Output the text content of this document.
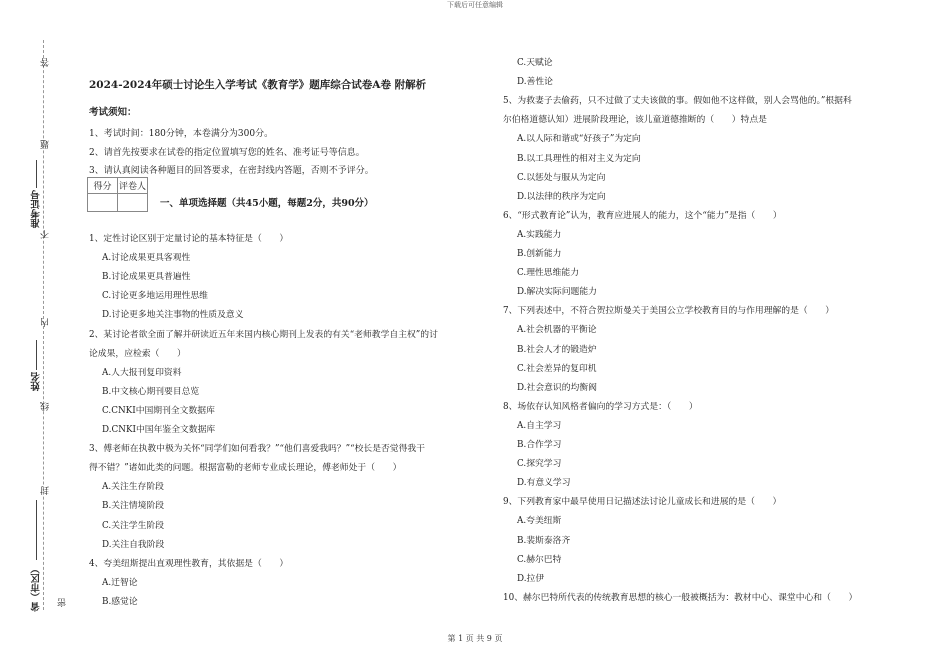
下载后可任意编辑
答
题
不
内
线
封
密
准考证号
姓名
省（市区）
2024-2024年硕士讨论生入学考试《教育学》题库综合试卷A卷 附解析
考试须知：
1、考试时间：180分钟，本卷满分为300分。
2、请首先按要求在试卷的指定位置填写您的姓名、准考证号等信息。
3、请认真阅读各种题目的回答要求，在密封线内答题，否则不予评分。
得分	评卷人

一、单项选择题（共45小题，每题2分，共90分）
1、定性讨论区别于定量讨论的基本特征是（　　）
A.讨论成果更具客观性
B.讨论成果更具普遍性
C.讨论更多地运用理性思维
D.讨论更多地关注事物的性质及意义
2、某讨论者欲全面了解并研读近五年来国内核心期刊上发表的有关“老师教学自主权”的讨
论成果，应检索（　　）
A.人大报刊复印资料
B.中文核心期刊要目总览
C.CNKI中国期刊全文数据库
D.CNKI中国年鉴全文数据库
3、傅老师在执教中极为关怀“同学们如何看我？”“他们喜爱我吗？”“校长是否觉得我干
得不错？”诸如此类的问题。根据富勒的老师专业成长理论，傅老师处于（　　）
A.关注生存阶段
B.关注情境阶段
C.关注学生阶段
D.关注自我阶段
4、夸美纽斯提出直观理性教育，其依据是（　　）
A.迁智论
B.感觉论
C.天赋论
D.善性论
5、为救妻子去偷药，只不过做了丈夫该做的事。假如他不这样做，别人会骂他的。”根据科
尔伯格道德认知）进展阶段理论，该儿童道德推断的（　　）特点是
A.以人际和谐或“好孩子”为定向
B.以工具理性的相对主义为定向
C.以惩处与服从为定向
D.以法律的秩序为定向
6、“形式教育论”认为，教育应进展人的能力，这个“能力”是指（　　）
A.实践能力
B.创新能力
C.理性思维能力
D.解决实际问题能力
7、下列表述中，不符合贺拉斯曼关于美国公立学校教育目的与作用理解的是（　　）
A.社会机器的平衡论
B.社会人才的锻造炉
C.社会差异的复印机
D.社会意识的均衡阀
8、场依存认知风格者偏向的学习方式是：（　　）
A.自主学习
B.合作学习
C.探究学习
D.有意义学习
9、下列教育家中最早使用日记描述法讨论儿童成长和进展的是（　　）
A.夸美纽斯
B.裴斯泰洛齐
C.赫尔巴特
D.拉伊
10、赫尔巴特所代表的传统教育思想的核心一般被概括为：教材中心、课堂中心和（　　）
第 1 页 共 9 页
